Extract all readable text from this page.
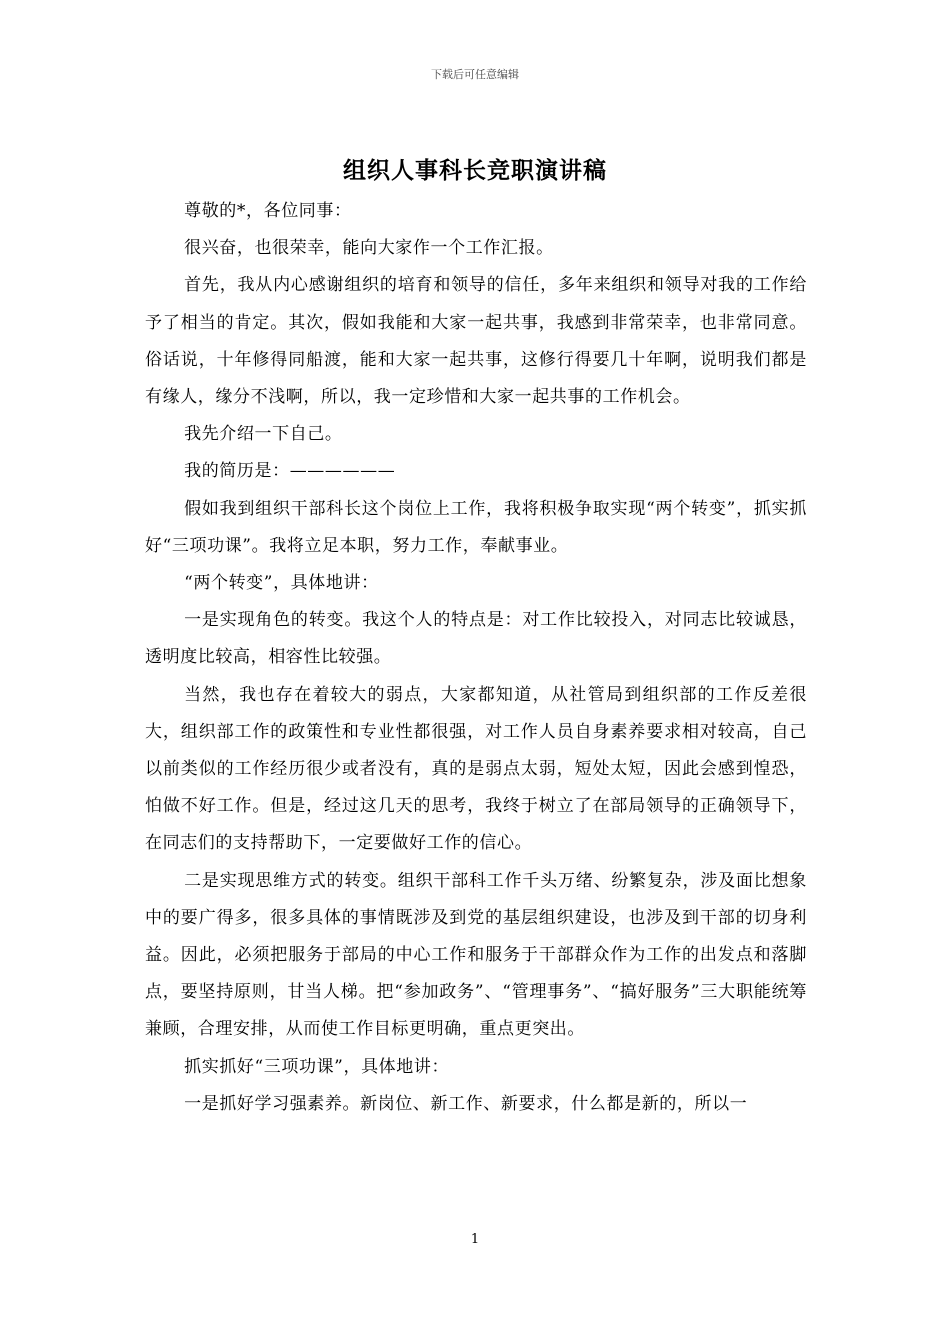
下载后可任意编辑
组织人事科长竞职演讲稿

尊敬的*，各位同事：

很兴奋，也很荣幸，能向大家作一个工作汇报。

首先，我从内心感谢组织的培育和领导的信任，多年来组织和领导对我的工作给予了相当的肯定。其次，假如我能和大家一起共事，我感到非常荣幸，也非常同意。俗话说，十年修得同船渡，能和大家一起共事，这修行得要几十年啊，说明我们都是有缘人，缘分不浅啊，所以，我一定珍惜和大家一起共事的工作机会。

我先介绍一下自己。

我的简历是：——————

假如我到组织干部科长这个岗位上工作，我将积极争取实现“两个转变”，抓实抓好“三项功课”。我将立足本职，努力工作，奉献事业。

“两个转变”，具体地讲：

一是实现角色的转变。我这个人的特点是：对工作比较投入，对同志比较诚恳，透明度比较高，相容性比较强。

当然，我也存在着较大的弱点，大家都知道，从社管局到组织部的工作反差很大，组织部工作的政策性和专业性都很强，对工作人员自身素养要求相对较高，自己以前类似的工作经历很少或者没有，真的是弱点太弱，短处太短，因此会感到惶恐，怕做不好工作。但是，经过这几天的思考，我终于树立了在部局领导的正确领导下，在同志们的支持帮助下，一定要做好工作的信心。

二是实现思维方式的转变。组织干部科工作千头万绪、纷繁复杂，涉及面比想象中的要广得多，很多具体的事情既涉及到党的基层组织建设，也涉及到干部的切身利益。因此，必须把服务于部局的中心工作和服务于干部群众作为工作的出发点和落脚点，要坚持原则，甘当人梯。把“参加政务”、“管理事务”、“搞好服务”三大职能统筹兼顾，合理安排，从而使工作目标更明确，重点更突出。

抓实抓好“三项功课”，具体地讲：

一是抓好学习强素养。新岗位、新工作、新要求，什么都是新的，所以一

1
